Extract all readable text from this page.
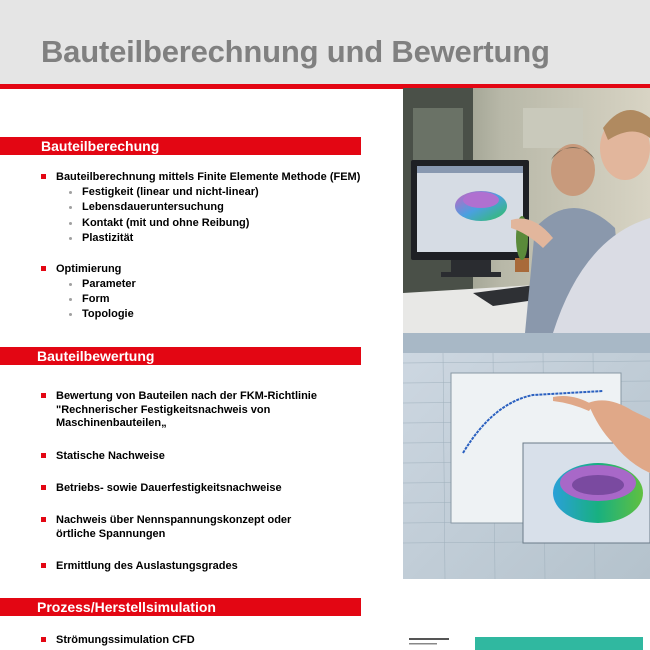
Bauteilberechnung und Bewertung
Bauteilberechung
Bauteilberechnung mittels Finite Elemente Methode (FEM)
Festigkeit (linear und nicht-linear)
Lebensdaueruntersuchung
Kontakt (mit und ohne Reibung)
Plastizität
Optimierung
Parameter
Form
Topologie
Bauteilbewertung
Bewertung von Bauteilen nach der FKM-Richtlinie "Rechnerischer Festigkeitsnachweis von Maschinenbauteilen„
Statische Nachweise
Betriebs- sowie Dauerfestigkeitsnachweise
Nachweis über Nennspannungskonzept oder örtliche Spannungen
Ermittlung des Auslastungsgrades
Prozess/Herstellsimulation
Strömungssimulation CFD
